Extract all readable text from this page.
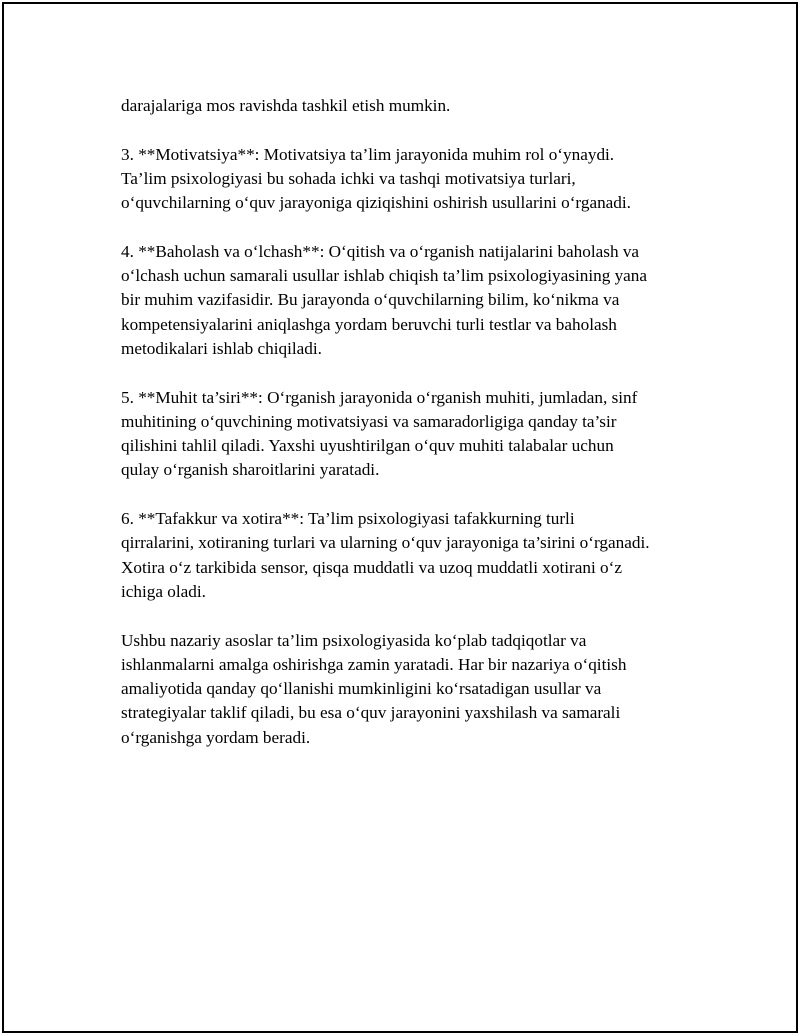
darajalariga mos ravishda tashkil etish mumkin.

3. **Motivatsiya**: Motivatsiya ta’lim jarayonida muhim rol o‘ynaydi.
Ta’lim psixologiyasi bu sohada ichki va tashqi motivatsiya turlari,
o‘quvchilarning o‘quv jarayoniga qiziqishini oshirish usullarini o‘rganadi.

4. **Baholash va o‘lchash**: O‘qitish va o‘rganish natijalarini baholash va
o‘lchash uchun samarali usullar ishlab chiqish ta’lim psixologiyasining yana
bir muhim vazifasidir. Bu jarayonda o‘quvchilarning bilim, ko‘nikma va
kompetensiyalarini aniqlashga yordam beruvchi turli testlar va baholash
metodikalari ishlab chiqiladi.

5. **Muhit ta’siri**: O‘rganish jarayonida o‘rganish muhiti, jumladan, sinf
muhitining o‘quvchining motivatsiyasi va samaradorligiga qanday ta’sir
qilishini tahlil qiladi. Yaxshi uyushtirilgan o‘quv muhiti talabalar uchun
qulay o‘rganish sharoitlarini yaratadi.

6. **Tafakkur va xotira**: Ta’lim psixologiyasi tafakkurning turli
qirralarini, xotiraning turlari va ularning o‘quv jarayoniga ta’sirini o‘rganadi.
Xotira o‘z tarkibida sensor, qisqa muddatli va uzoq muddatli xotirani o‘z
ichiga oladi.

Ushbu nazariy asoslar ta’lim psixologiyasida ko‘plab tadqiqotlar va
ishlanmalarni amalga oshirishga zamin yaratadi. Har bir nazariya o‘qitish
amaliyotida qanday qo‘llanishi mumkinligini ko‘rsatadigan usullar va
strategiyalar taklif qiladi, bu esa o‘quv jarayonini yaxshilash va samarali
o‘rganishga yordam beradi.
